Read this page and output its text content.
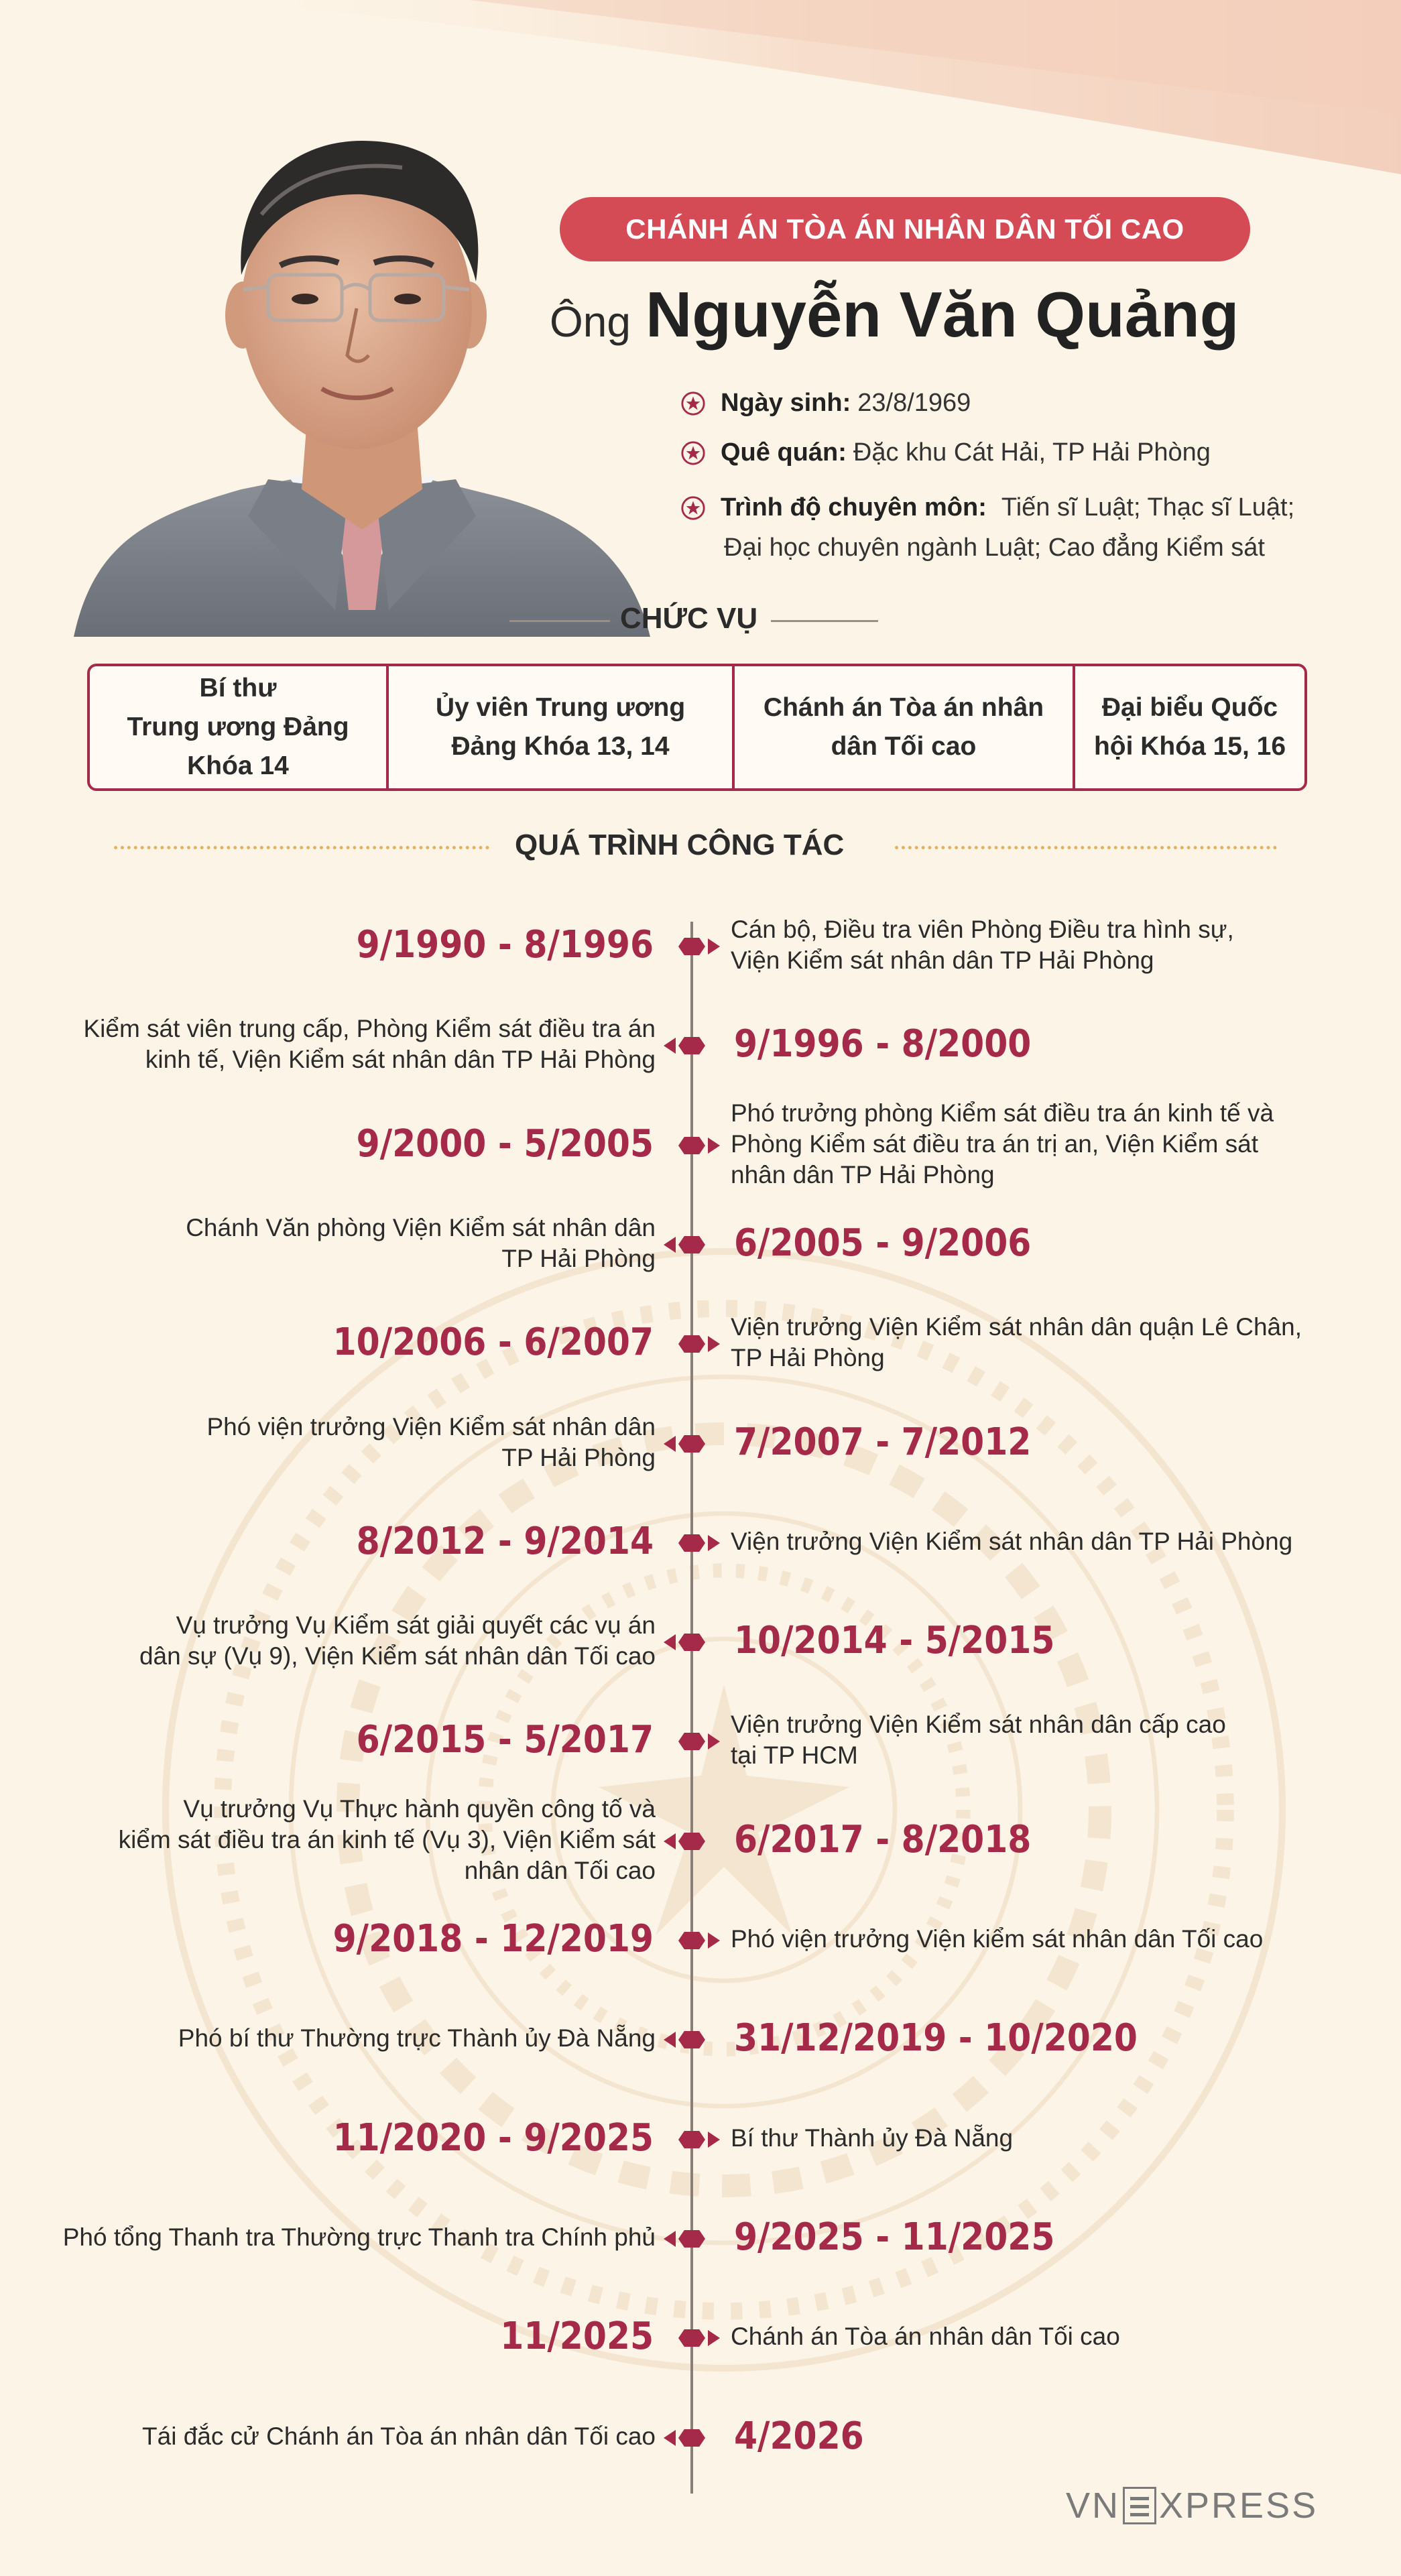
CHÁNH ÁN TÒA ÁN NHÂN DÂN TỐI CAO
Ông Nguyễn Văn Quảng
Ngày sinh: 23/8/1969
Quê quán: Đặc khu Cát Hải, TP Hải Phòng
Trình độ chuyên môn: Tiến sĩ Luật; Thạc sĩ Luật;
Đại học chuyên ngành Luật; Cao đẳng Kiểm sát
CHỨC VỤ
Bí thư
Trung ương Đảng
Khóa 14
Ủy viên Trung ương
Đảng Khóa 13, 14
Chánh án Tòa án nhân
dân Tối cao
Đại biểu Quốc
hội Khóa 15, 16
QUÁ TRÌNH CÔNG TÁC
9/1990 - 8/1996	Cán bộ, Điều tra viên Phòng Điều tra hình sự,
Viện Kiểm sát nhân dân TP Hải Phòng
9/1996 - 8/2000
Kiểm sát viên trung cấp, Phòng Kiểm sát điều tra án
kinh tế, Viện Kiểm sát nhân dân TP Hải Phòng
9/2000 - 5/2005
Phó trưởng phòng Kiểm sát điều tra án kinh tế và
Phòng Kiểm sát điều tra án trị an, Viện Kiểm sát
nhân dân TP Hải Phòng
6/2005 - 9/2006
Chánh Văn phòng Viện Kiểm sát nhân dân
TP Hải Phòng
10/2006 - 6/2007	Viện trưởng Viện Kiểm sát nhân dân quận Lê Chân,
TP Hải Phòng
7/2007 - 7/2012
Phó viện trưởng Viện Kiểm sát nhân dân
TP Hải Phòng
8/2012 - 9/2014	Viện trưởng Viện Kiểm sát nhân dân TP Hải Phòng
10/2014 - 5/2015
Vụ trưởng Vụ Kiểm sát giải quyết các vụ án
dân sự (Vụ 9), Viện Kiểm sát nhân dân Tối cao
6/2015 - 5/2017	Viện trưởng Viện Kiểm sát nhân dân cấp cao
tại TP HCM
6/2017 - 8/2018
Vụ trưởng Vụ Thực hành quyền công tố và
kiểm sát điều tra án kinh tế (Vụ 3), Viện Kiểm sát
nhân dân Tối cao
9/2018 - 12/2019	Phó viện trưởng Viện kiểm sát nhân dân Tối cao
31/12/2019 - 10/2020
Phó bí thư Thường trực Thành ủy Đà Nẵng
11/2020 - 9/2025	Bí thư Thành ủy Đà Nẵng
9/2025 - 11/2025
Phó tổng Thanh tra Thường trực Thanh tra Chính phủ
11/2025	Chánh án Tòa án nhân dân Tối cao
4/2026
Tái đắc cử Chánh án Tòa án nhân dân Tối cao
VN XPRESS
